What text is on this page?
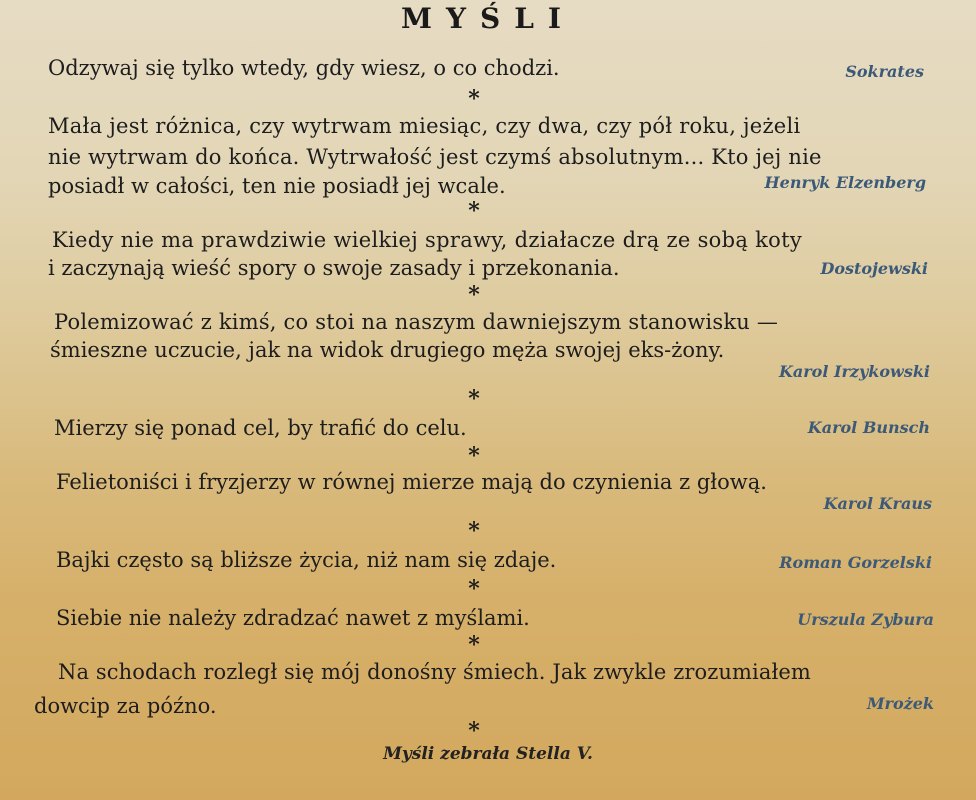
MYŚLI
Odzywaj się tylko wtedy, gdy wiesz, o co chodzi.	Sokrates
*
Mała jest różnica, czy wytrwam miesiąc, czy dwa, czy pół roku, jeżeli
nie wytrwam do końca. Wytrwałość jest czymś absolutnym... Kto jej nie
posiadł w całości, ten nie posiadł jej wcale.	Henryk Elzenberg
*
Kiedy nie ma prawdziwie wielkiej sprawy, działacze drą ze sobą koty
i zaczynają wieść spory o swoje zasady i przekonania.	Dostojewski
*
Polemizować z kimś, co stoi na naszym dawniejszym stanowisku —
śmieszne uczucie, jak na widok drugiego męża swojej eks-żony.
Karol Irzykowski
*
Mierzy się ponad cel, by trafić do celu.	Karol Bunsch
*
Felietoniści i fryzjerzy w równej mierze mają do czynienia z głową.
Karol Kraus
*
Bajki często są bliższe życia, niż nam się zdaje.	Roman Gorzelski
*
Siebie nie należy zdradzać nawet z myślami.	Urszula Zybura
*
Na schodach rozległ się mój donośny śmiech. Jak zwykle zrozumiałem
dowcip za późno.	Mrożek
*
Myśli zebrała Stella V.
